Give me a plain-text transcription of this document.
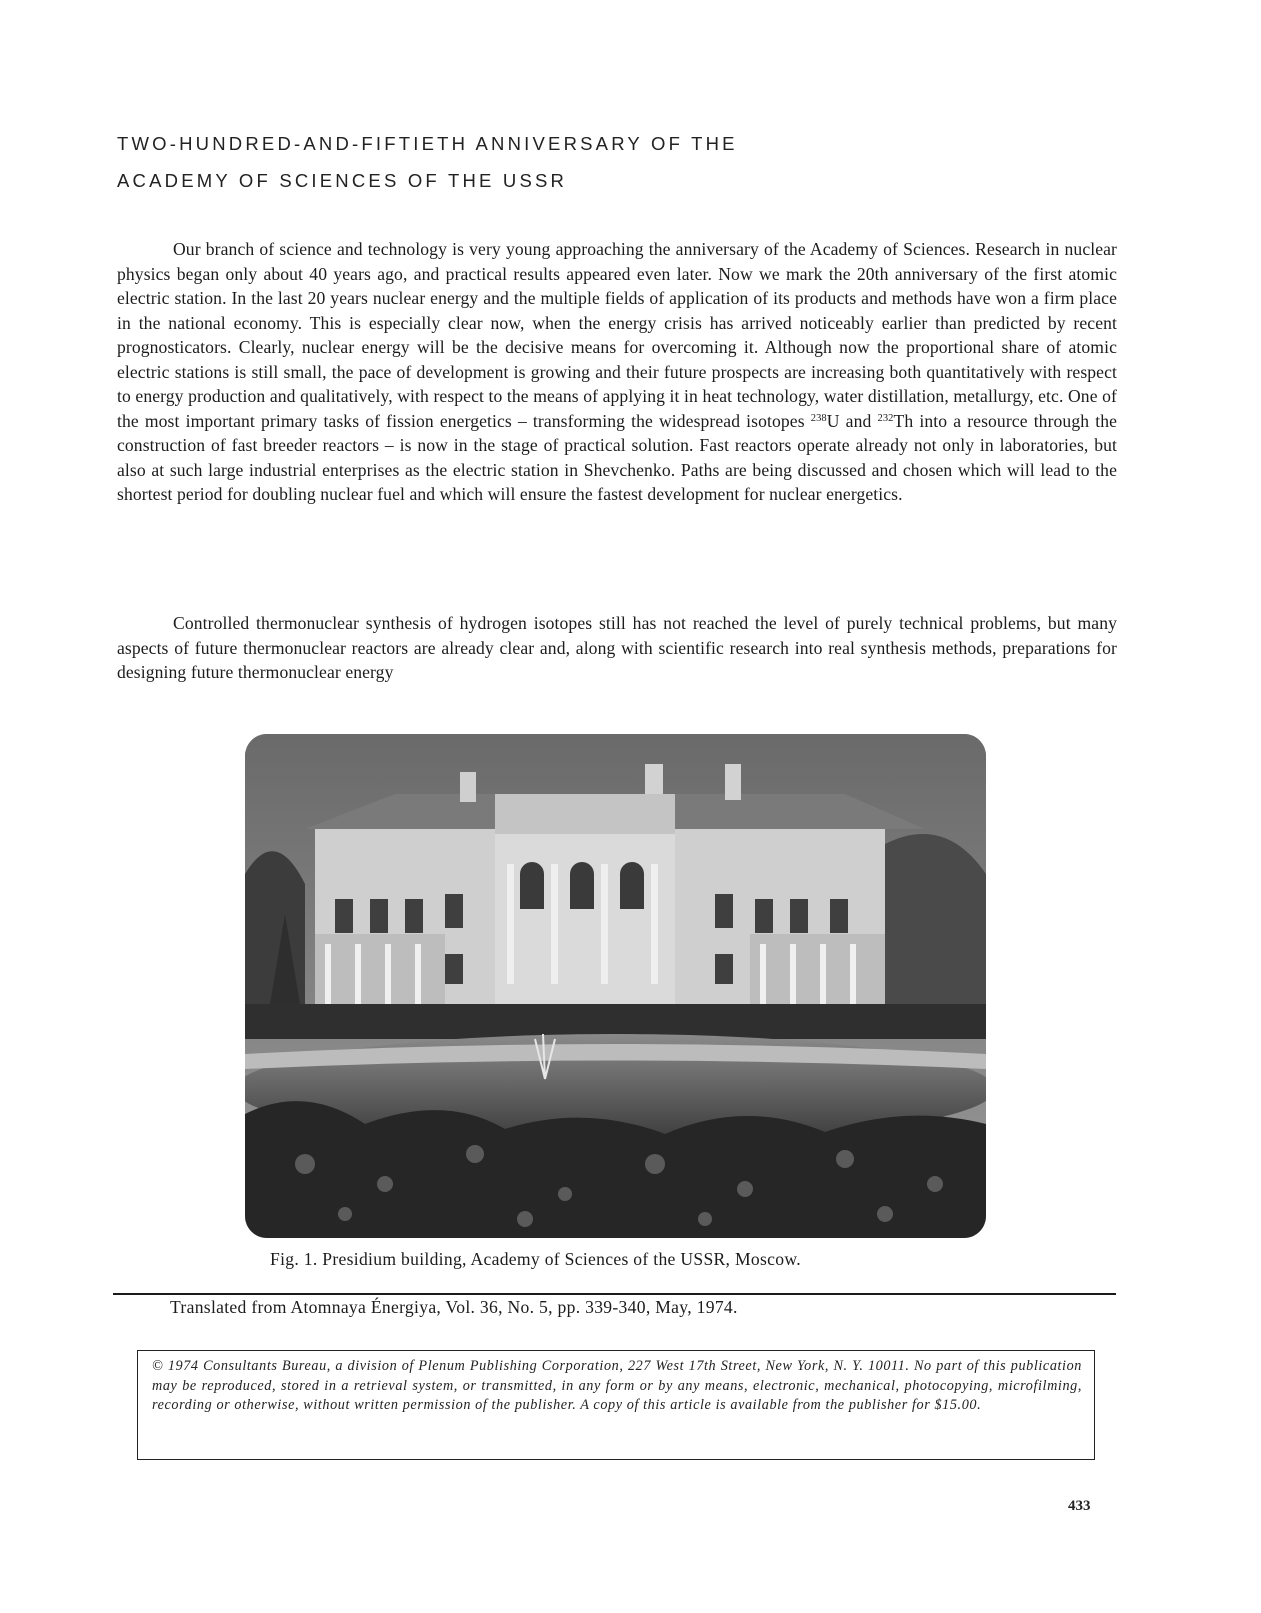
TWO-HUNDRED-AND-FIFTIETH ANNIVERSARY OF THE
ACADEMY OF SCIENCES OF THE USSR

Our branch of science and technology is very young approaching the anniversary of the Academy of Sciences. Research in nuclear physics began only about 40 years ago, and practical results appeared even later. Now we mark the 20th anniversary of the first atomic electric station. In the last 20 years nuclear energy and the multiple fields of application of its products and methods have won a firm place in the national economy. This is especially clear now, when the energy crisis has arrived noticeably earlier than predicted by recent prognosticators. Clearly, nuclear energy will be the decisive means for overcoming it. Although now the proportional share of atomic electric stations is still small, the pace of development is growing and their future prospects are increasing both quantitatively with respect to energy production and qualitatively, with respect to the means of applying it in heat technology, water distillation, metallurgy, etc. One of the most important primary tasks of fission energetics – transforming the widespread isotopes $^{238}$U and $^{232}$Th into a resource through the construction of fast breeder reactors – is now in the stage of practical solution. Fast reactors operate already not only in laboratories, but also at such large industrial enterprises as the electric station in Shevchenko. Paths are being discussed and chosen which will lead to the shortest period for doubling nuclear fuel and which will ensure the fastest development for nuclear energetics.

Controlled thermonuclear synthesis of hydrogen isotopes still has not reached the level of purely technical problems, but many aspects of future thermonuclear reactors are already clear and, along with scientific research into real synthesis methods, preparations for designing future thermonuclear energy

Fig. 1. Presidium building, Academy of Sciences of the USSR, Moscow.
Translated from Atomnaya Énergiya, Vol. 36, No. 5, pp. 339-340, May, 1974.
© 1974 Consultants Bureau, a division of Plenum Publishing Corporation, 227 West 17th Street, New York, N. Y. 10011. No part of this publication may be reproduced, stored in a retrieval system, or transmitted, in any form or by any means, electronic, mechanical, photocopying, microfilming, recording or otherwise, without written permission of the publisher. A copy of this article is available from the publisher for $15.00.
433
